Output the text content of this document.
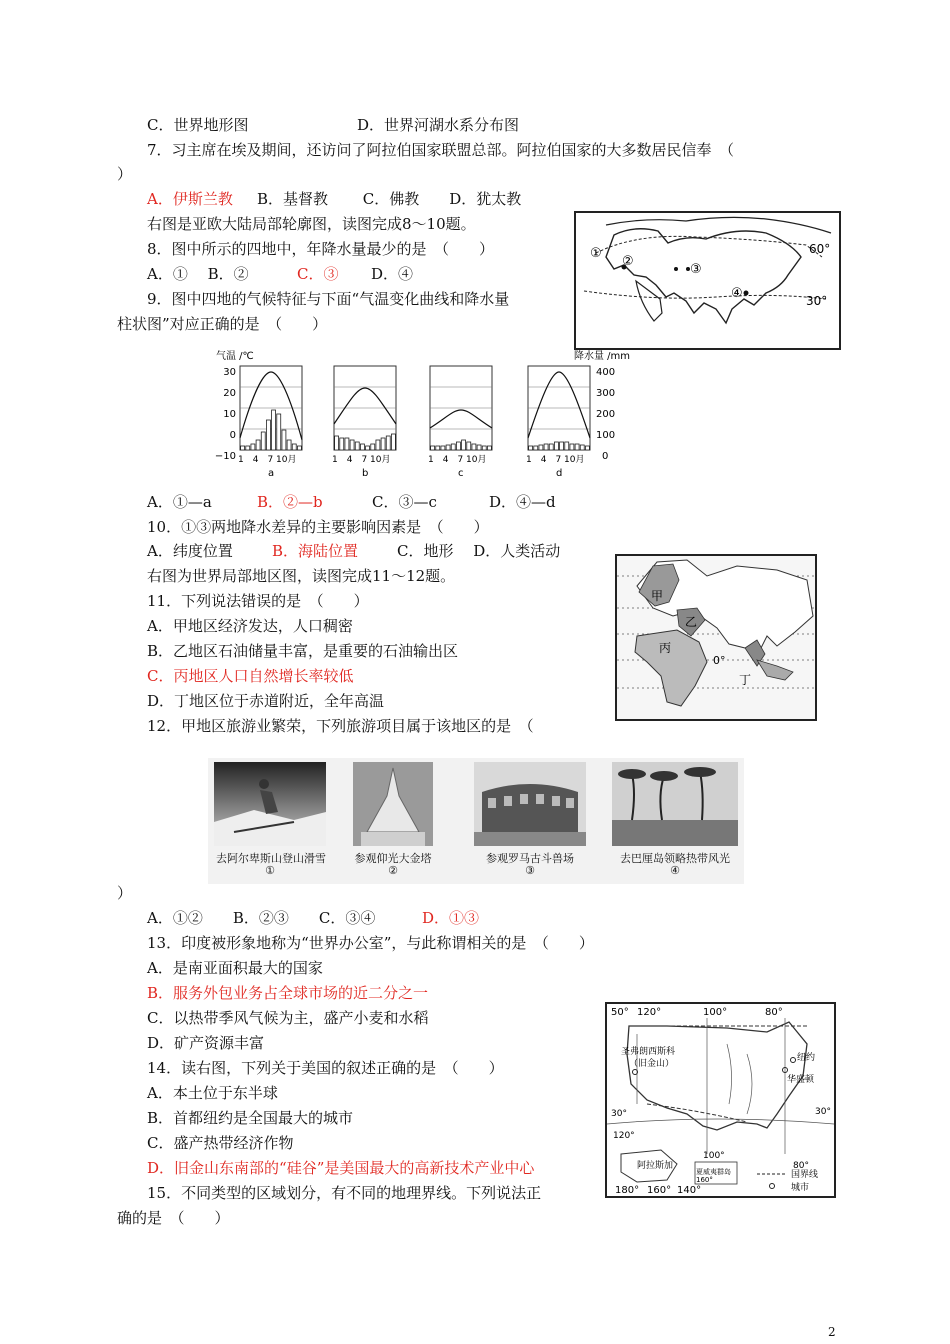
C．世界地形图	D．世界河湖水系分布图
7．习主席在埃及期间，还访问了阿拉伯国家联盟总部。阿拉伯国家的大多数居民信奉　（
）
A．伊斯兰教 B．基督教　　 C．佛教　　D．犹太教
右图是亚欧大陆局部轮廓图，读图完成8～10题。
8．图中所示的四地中，年降水量最少的是　（　　）
A．①　 B．②	C．③ D．④
9．图中四地的气候特征与下面“气温变化曲线和降水量
柱状图”对应正确的是　（　　）
A．①—a	B．②—b	C．③—c	D．④—d
10．①③两地降水差异的主要影响因素是　（　　）
A．纬度位置	B．海陆位置	C．地形　 D．人类活动
右图为世界局部地区图，读图完成11～12题。
11．下列说法错误的是　（　　）
A．甲地区经济发达，人口稠密
B．乙地区石油储量丰富，是重要的石油输出区
C．丙地区人口自然增长率较低
D．丁地区位于赤道附近，全年高温
12．甲地区旅游业繁荣，下列旅游项目属于该地区的是　（
）
A．①②　　B．②③　　C．③④	D．①③
13．印度被形象地称为“世界办公室”，与此称谓相关的是　（　　）
A．是南亚面积最大的国家
B．服务外包业务占全球市场的近二分之一
C．以热带季风气候为主，盛产小麦和水稻
D．矿产资源丰富
14．读右图，下列关于美国的叙述正确的是　（　　）
A．本土位于东半球
B．首都纽约是全国最大的城市
C．盛产热带经济作物
D．旧金山东南部的“硅谷”是美国最大的高新技术产业中心
15．不同类型的区域划分，有不同的地理界线。下列说法正
确的是　（　　）
2
60°
30°
①
②
③
④
气温 /℃	降水量 /mm
30
20
10
0
−10
400
300
200
100
0
1　4　7 10月
a
1　4　7 10月
b
1　4　7 10月
c
1　4　7 10月
d
甲
乙
丙
丁
0°
去阿尔卑斯山登山滑雪
①
参观仰光大金塔
②
参观罗马古斗兽场
③
去巴厘岛领略热带风光
④
50° 120°	100°	80°
圣弗朗西斯科
（旧金山）
纽约
华盛顿
30°	30°
120°
100°
80°
阿拉斯加
夏威夷群岛
160°
180° 160° 140°
国界线
城市
